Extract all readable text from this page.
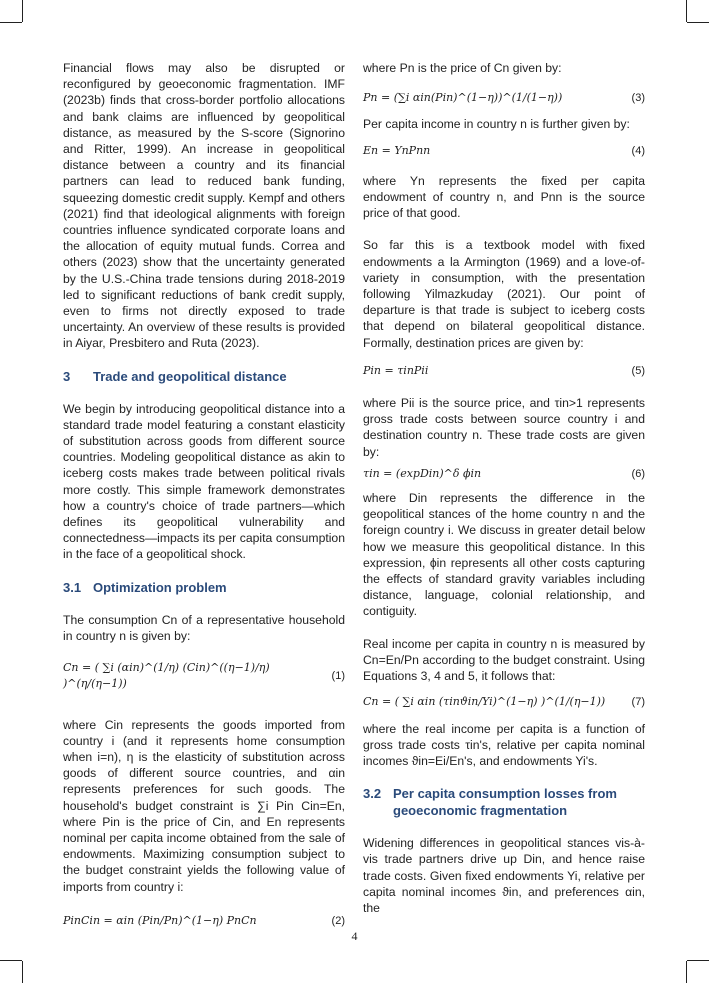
Financial flows may also be disrupted or reconfigured by geoeconomic fragmentation. IMF (2023b) finds that cross-border portfolio allocations and bank claims are influenced by geopolitical distance, as measured by the S-score (Signorino and Ritter, 1999). An increase in geopolitical distance between a country and its financial partners can lead to reduced bank funding, squeezing domestic credit supply. Kempf and others (2021) find that ideological alignments with foreign countries influence syndicated corporate loans and the allocation of equity mutual funds. Correa and others (2023) show that the uncertainty generated by the U.S.-China trade tensions during 2018-2019 led to significant reductions of bank credit supply, even to firms not directly exposed to trade uncertainty. An overview of these results is provided in Aiyar, Presbitero and Ruta (2023).

3 Trade and geopolitical distance

We begin by introducing geopolitical distance into a standard trade model featuring a constant elasticity of substitution across goods from different source countries. Modeling geopolitical distance as akin to iceberg costs makes trade between political rivals more costly. This simple framework demonstrates how a country's choice of trade partners—which defines its geopolitical vulnerability and connectedness—impacts its per capita consumption in the face of a geopolitical shock.

3.1 Optimization problem

The consumption Cn of a representative household in country n is given by:

Cn = ( ∑i (αin)^(1/η) (Cin)^((η−1)/η) )^(η/(η−1))
(1)

where Cin represents the goods imported from country i (and it represents home consumption when i=n), η is the elasticity of substitution across goods of different source countries, and αin represents preferences for such goods. The household's budget constraint is ∑i Pin Cin=En, where Pin is the price of Cin, and En represents nominal per capita income obtained from the sale of endowments. Maximizing consumption subject to the budget constraint yields the following value of imports from country i:

PinCin = αin (Pin/Pn)^(1−η) PnCn	(2)

where Pn is the price of Cn given by:

Pn = (∑i αin(Pin)^(1−η))^(1/(1−η))	(3)

Per capita income in country n is further given by:

En = YnPnn	(4)

where Yn represents the fixed per capita endowment of country n, and Pnn is the source price of that good.

So far this is a textbook model with fixed endowments a la Armington (1969) and a love-of-variety in consumption, with the presentation following Yilmazkuday (2021). Our point of departure is that trade is subject to iceberg costs that depend on bilateral geopolitical distance. Formally, destination prices are given by:

Pin = τinPii	(5)

where Pii is the source price, and τin>1 represents gross trade costs between source country i and destination country n. These trade costs are given by:

τin = (expDin)^δ ϕin	(6)

where Din represents the difference in the geopolitical stances of the home country n and the foreign country i. We discuss in greater detail below how we measure this geopolitical distance. In this expression, ϕin represents all other costs capturing the effects of standard gravity variables including distance, language, colonial relationship, and contiguity.

Real income per capita in country n is measured by Cn=En/Pn according to the budget constraint. Using Equations 3, 4 and 5, it follows that:

Cn = ( ∑i αin (τinϑin/Yi)^(1−η) )^(1/(η−1)) (7)

where the real income per capita is a function of gross trade costs τin's, relative per capita nominal incomes ϑin=Ei/En's, and endowments Yi's.

3.2 Per capita consumption losses from geoeconomic fragmentation

Widening differences in geopolitical stances vis-à-vis trade partners drive up Din, and hence raise trade costs. Given fixed endowments Yi, relative per capita nominal incomes ϑin, and preferences αin, the

4
